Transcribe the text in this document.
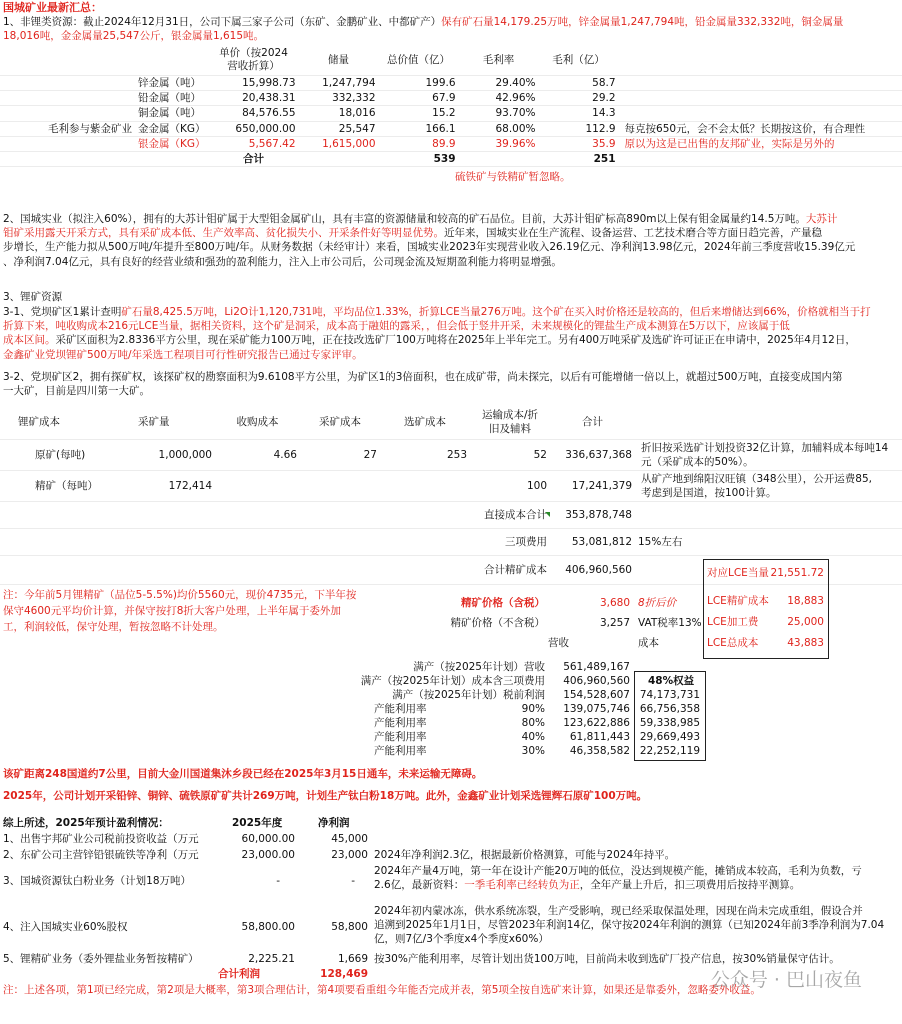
国城矿业最新汇总：
1、非锂类资源：截止2024年12月31日，公司下属三家子公司（东矿、金鹏矿业、中都矿产）保有矿石量14,179.25万吨，锌金属量1,247,794吨，铅金属量332,332吨，铜金属量
18,016吨，金金属量25,547公斤，银金属量1,615吨。
		单价（按2024
营收折算）	储量	总价值（亿）	毛利率	毛利（亿）	
	锌金属（吨）	15,998.73	1,247,794	199.6	29.40%	58.7	
	铅金属（吨）	20,438.31	332,332	67.9	42.96%	29.2	
	铜金属（吨）	84,576.55	18,016	15.2	93.70%	14.3	
毛利参与紫金矿业	金金属（KG）	650,000.00	25,547	166.1	68.00%	112.9	每克按650元，会不会太低？长期按这价，有合理性
	银金属（KG）	5,567.42	1,615,000	89.9	39.96%	35.9	原以为这是已出售的友邦矿业，实际是另外的
		合计		539		251	
硫铁矿与铁精矿暂忽略。
2、国城实业（拟注入60%），拥有的大苏计钼矿属于大型钼金属矿山，具有丰富的资源储量和较高的矿石品位。目前，大苏计钼矿标高890m以上保有钼金属量约14.5万吨。大苏计
钼矿采用露天开采方式，具有采矿成本低、生产效率高、贫化损失小、开采条件好等明显优势。近年来，国城实业在生产流程、设备运营、工艺技术磨合等方面日趋完善，产量稳
步增长，生产能力拟从500万吨/年提升至800万吨/年。从财务数据（未经审计）来看，国城实业2023年实现营业收入26.19亿元、净利润13.98亿元，2024年前三季度营收15.39亿元
、净利润7.04亿元，具有良好的经营业绩和强劲的盈利能力，注入上市公司后，公司现金流及短期盈利能力将明显增强。
3、锂矿资源
3-1、党坝矿区1累计查明矿石量8,425.5万吨，Li2O计1,120,731吨，平均品位1.33%，折算LCE当量276万吨。这个矿在买入时价格还是较高的，但后来增储达到66%，价格就相当于打
折算下来，吨收购成本216元LCE当量，据相关资料，这个矿是洞采，成本高于融姐的露采，，但会低于竖井开采，未来规模化的锂盐生产成本测算在5万以下，应该属于低
成本区间。采矿区面积为2.8336平方公里，现在采矿能力100万吨，正在技改选矿厂100万吨将在2025年上半年完工。另有400万吨采矿及选矿许可证正在申请中，2025年4月12日，
金鑫矿业党坝锂矿500万吨/年采选工程项目可行性研究报告已通过专家评审。
3-2、党坝矿区2，拥有探矿权，该探矿权的勘察面积为9.6108平方公里，为矿区1的3倍面积，也在成矿带，尚未探完，以后有可能增储一倍以上，就超过500万吨，直接变成国内第
一大矿，目前是四川第一大矿。
锂矿成本	采矿量	收购成本	采矿成本	选矿成本	运输成本/折
旧及辅料	合计	
原矿(每吨)	1,000,000	4.66	27	253	52	336,637,368	折旧按采选矿计划投资32亿计算，加辅料成本每吨14
元（采矿成本的50%）。
精矿（每吨）	172,414				100	17,241,379	从矿产地到绵阳汉旺镇（348公里），公开运费85,
考虑到是国道，按100计算。
					直接成本合计	353,878,748	
					三项费用	53,081,812	15%左右
					合计精矿成本	406,960,560	
注：今年前5月锂精矿（品位5-5.5%)均价5560元，现价4735元，下半年按
保守4600元平均价计算，并保守按打8折大客户处理，上半年属于委外加
工，利润较低，保守处理，暂按忽略不计处理。
精矿价格（含税）	3,680 8折后价
精矿价格（不含税）	3,257 VAT税率13%
营收	成本
对应LCE当量 21,551.72
LCE精矿成本	18,883
LCE加工费	25,000
LCE总成本	43,883
满产（按2025年计划）营收	561,489,167
满产（按2025年计划）成本含三项费用	406,960,560 48%权益
满产（按2025年计划）税前利润	154,528,607 74,173,731
产能利用率	90%	139,075,746 66,756,358
产能利用率	80%	123,622,886 59,338,985
产能利用率	40%	61,811,443 29,669,493
产能利用率	30%	46,358,582 22,252,119
该矿距离248国道约7公里，目前大金川国道集沐乡段已经在2025年3月15日通车，未来运输无障碍。
2025年，公司计划开采铅锌、铜锌、硫铁原矿矿共计269万吨，计划生产钛白粉18万吨。此外，金鑫矿业计划采选锂辉石原矿100万吨。
综上所述，2025年预计盈利情况：	2025年度	净利润
1、出售宇邦矿业公司税前投资收益（万元	60,000.00	45,000
2、东矿公司主营锌铅银硫铁等净利（万元	23,000.00	23,000 2024年净利润2.3亿，根据最新价格测算，可能与2024年持平。
3、国城资源钛白粉业务（计划18万吨）	-	-
2024年产量4万吨，第一年在设计产能20万吨的低位，没达到规模产能，摊销成本较高，毛利为负数，亏
2.6亿，最新资料：一季毛利率已经转负为正，全年产量上升后，扣三项费用后按持平测算。
4、注入国城实业60%股权	58,800.00	58,800
2024年初内蒙冰冻，供水系统冻裂，生产受影响，现已经采取保温处理，因现在尚未完成重组，假设合并
追溯到2025年1月1日，尽管2023年利润14亿，保守按2024年利润的测算（已知2024年前3季净利润为7.04
亿，则7亿/3个季度x4个季度x60%）
5、锂精矿业务（委外锂盐业务暂按精矿）	2,225.21	1,669 按30%产能利用率，尽管计划出货100万吨，目前尚未收到选矿厂投产信息，按30%销量保守估计。
合计利润	128,469
注：上述各项，第1项已经完成，第2项是大概率，第3项合理估计，第4项要看重组今年能否完成并表，第5项全按自选矿来计算，如果还是靠委外，忽略委外收益。
公众号 · 巴山夜鱼
